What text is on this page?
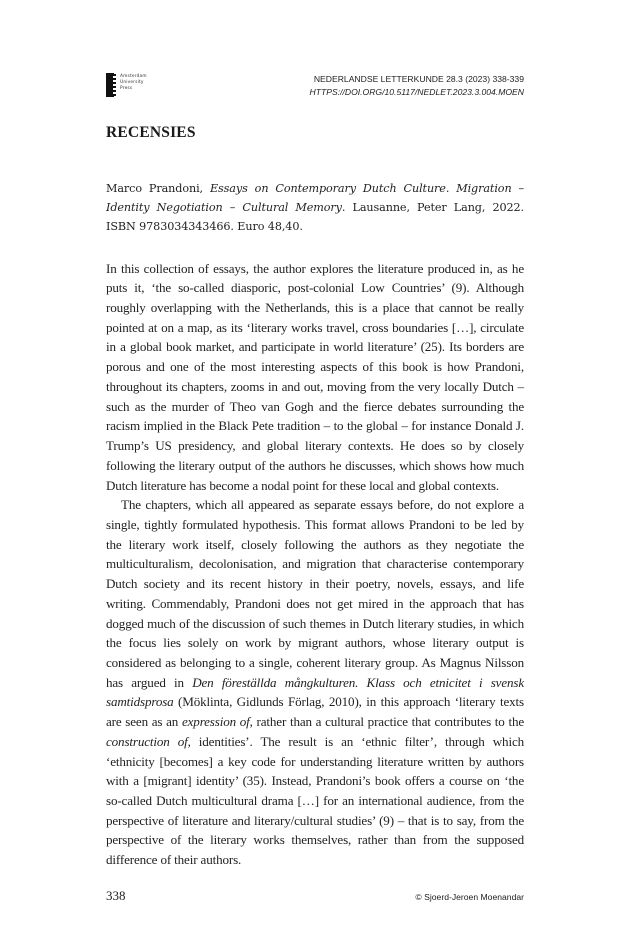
Amsterdam
University
Press
NEDERLANDSE LETTERKUNDE 28.3 (2023) 338-339
HTTPS://DOI.ORG/10.5117/NEDLET.2023.3.004.MOEN
RECENSIES

Marco Prandoni, Essays on Contemporary Dutch Culture. Migration – Identity Negotiation – Cultural Memory. Lausanne, Peter Lang, 2022. ISBN 9783034343466. Euro 48,40.

In this collection of essays, the author explores the literature produced in, as he puts it, ‘the so-called diasporic, post-colonial Low Countries’ (9). Although roughly overlapping with the Netherlands, this is a place that cannot be really pointed at on a map, as its ‘literary works travel, cross boundaries […], circulate in a global book market, and participate in world literature’ (25). Its borders are porous and one of the most interesting aspects of this book is how Prandoni, throughout its chapters, zooms in and out, moving from the very locally Dutch – such as the murder of Theo van Gogh and the fierce debates surrounding the racism implied in the Black Pete tradition – to the global – for instance Donald J. Trump’s US presidency, and global literary contexts. He does so by closely following the literary output of the authors he discusses, which shows how much Dutch literature has become a nodal point for these local and global contexts.

The chapters, which all appeared as separate essays before, do not explore a single, tightly formulated hypothesis. This format allows Prandoni to be led by the literary work itself, closely following the authors as they negotiate the multiculturalism, decolonisation, and migration that characterise contemporary Dutch society and its recent history in their poetry, novels, essays, and life writing. Commendably, Prandoni does not get mired in the approach that has dogged much of the discussion of such themes in Dutch literary studies, in which the focus lies solely on work by migrant authors, whose literary output is considered as belonging to a single, coherent literary group. As Magnus Nilsson has argued in Den föreställda mångkulturen. Klass och etnicitet i svensk samtidsprosa (Möklinta, Gidlunds Förlag, 2010), in this approach ‘literary texts are seen as an expression of, rather than a cultural practice that contributes to the construction of, identities’. The result is an ‘ethnic filter’, through which ‘ethnicity [becomes] a key code for understanding literature written by authors with a [migrant] identity’ (35). Instead, Prandoni’s book offers a course on ‘the so-called Dutch multicultural drama […] for an international audience, from the perspective of literature and literary/cultural studies’ (9) – that is to say, from the perspective of the literary works themselves, rather than from the supposed difference of their authors.

338	© Sjoerd-Jeroen Moenandar
